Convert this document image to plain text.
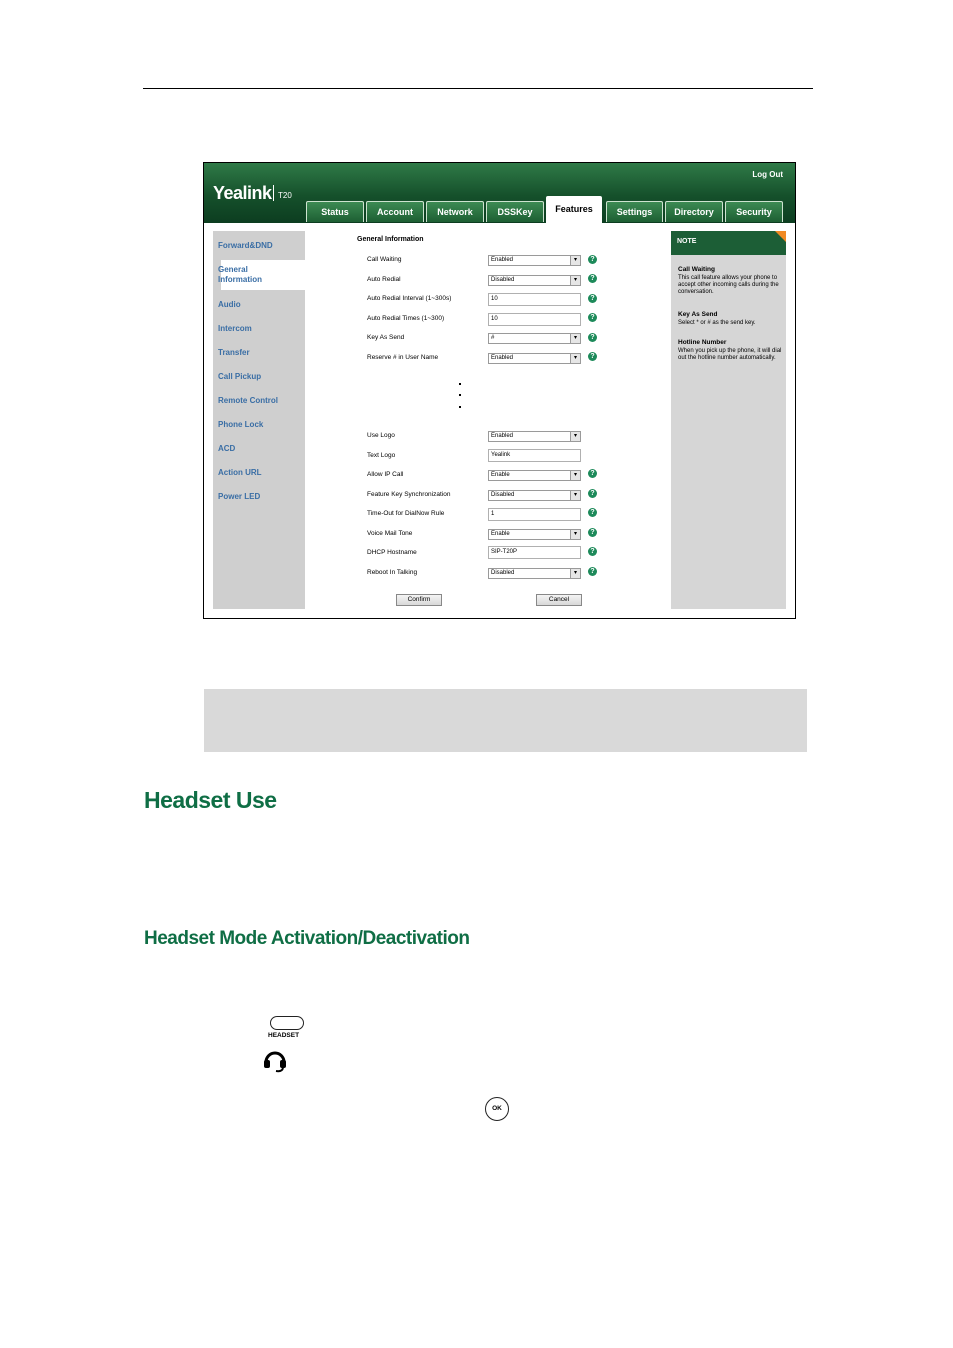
Yealink T20
Log Out
Status	Account	Network	DSSKey	Features	Settings	Directory	Security
Forward&DND
General Information
Audio
Intercom
Transfer
Call Pickup
Remote Control
Phone Lock
ACD
Action URL
Power LED
General Information
Call Waiting	Enabled	▾	?
Auto Redial	Disabled	▾	?
Auto Redial Interval (1~300s)	10	?
Auto Redial Times (1~300)	10	?
Key As Send	#	▾	?
Reserve # in User Name	Enabled	▾	?
Use Logo	Enabled	▾
Text Logo	Yealink
Allow IP Call	Enable	▾	?
Feature Key Synchronization	Disabled	▾	?
Time-Out for DialNow Rule	1	?
Voice Mail Tone	Enable	▾	?
DHCP Hostname	SIP-T20P	?
Reboot In Talking	Disabled	▾	?
Confirm	Cancel
NOTE
Call Waiting
This call feature allows your phone to accept other incoming calls during the conversation.
Key As Send
Select * or # as the send key.
Hotline Number
When you pick up the phone, it will dial out the hotline number automatically.
Headset Use
Headset Mode Activation/Deactivation
HEADSET
OK
